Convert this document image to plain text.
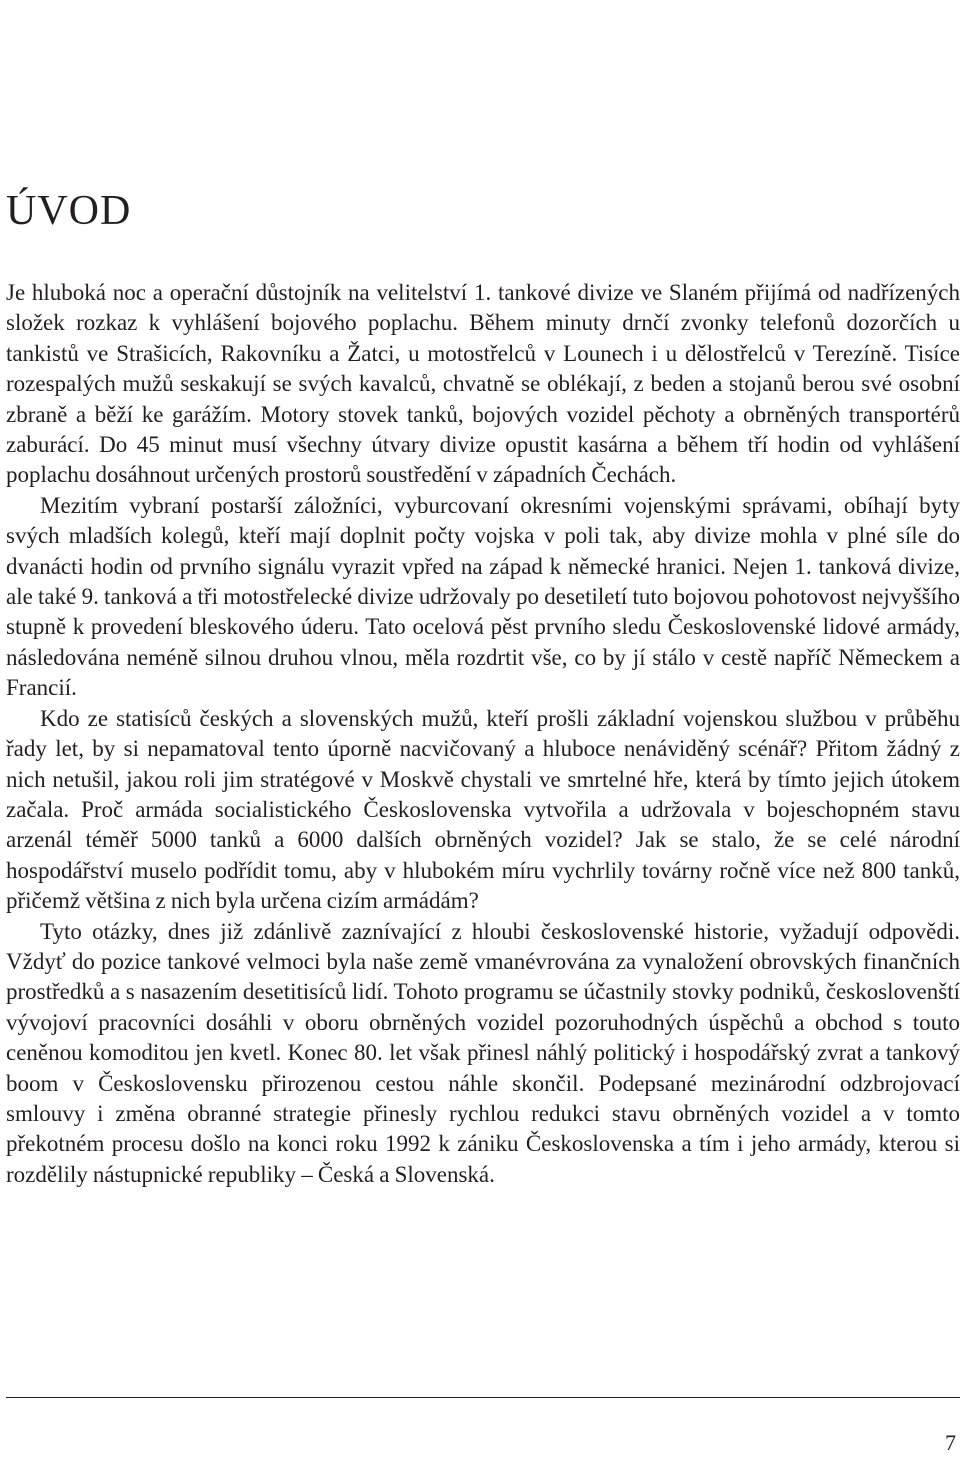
ÚVOD

Je hluboká noc a operační důstojník na velitelství 1. tankové divize ve Slaném přijímá od nadřízených složek rozkaz k vyhlášení bojového poplachu. Během minuty drnčí zvonky telefonů dozorčích u tankistů ve Strašicích, Rakovníku a Žatci, u motostřelců v Lounech i u dělostřelců v Terezíně. Tisíce rozespalých mužů seskakují se svých kavalců, chvatně se oblékají, z beden a stojanů berou své osobní zbraně a běží ke garážím. Motory stovek tanků, bojových vozidel pěchoty a obrněných transportérů zaburácí. Do 45 minut musí všechny útvary divize opustit kasárna a během tří hodin od vyhlášení poplachu dosáhnout určených prostorů soustředění v západních Čechách.

Mezitím vybraní postarší záložníci, vyburcovaní okresními vojenskými správami, obíhají byty svých mladších kolegů, kteří mají doplnit počty vojska v poli tak, aby divize mohla v plné síle do dvanácti hodin od prvního signálu vyrazit vpřed na západ k německé hranici. Nejen 1. tanková divize, ale také 9. tanková a tři motostřelecké divize udržovaly po desetiletí tuto bojovou pohotovost nejvyššího stupně k provedení bleskového úderu. Tato ocelová pěst prvního sledu Československé lidové armády, následována neméně silnou druhou vlnou, měla rozdrtit vše, co by jí stálo v cestě napříč Německem a Francií.

Kdo ze statisíců českých a slovenských mužů, kteří prošli základní vojenskou službou v průběhu řady let, by si nepamatoval tento úporně nacvičovaný a hluboce nenáviděný scénář? Přitom žádný z nich netušil, jakou roli jim stratégové v Moskvě chystali ve smrtelné hře, která by tímto jejich útokem začala. Proč armáda socialistického Československa vytvořila a udržovala v bojeschopném stavu arzenál téměř 5000 tanků a 6000 dalších obrněných vozidel? Jak se stalo, že se celé národní hospodářství muselo podřídit tomu, aby v hlubokém míru vychrlily továrny ročně více než 800 tanků, přičemž většina z nich byla určena cizím armádám?

Tyto otázky, dnes již zdánlivě zaznívající z hloubi československé historie, vyžadují odpovědi. Vždyť do pozice tankové velmoci byla naše země vmanévrována za vynaložení obrovských finančních prostředků a s nasazením desetitisíců lidí. Tohoto programu se účastnily stovky podniků, českoslovenští vývojoví pracovníci dosáhli v oboru obrněných vozidel pozoruhodných úspěchů a obchod s touto ceněnou komoditou jen kvetl. Konec 80. let však přinesl náhlý politický i hospodářský zvrat a tankový boom v Československu přirozenou cestou náhle skončil. Podepsané mezinárodní odzbrojovací smlouvy i změna obranné strategie přinesly rychlou redukci stavu obrněných vozidel a v tomto překotném procesu došlo na konci roku 1992 k zániku Československa a tím i jeho armády, kterou si rozdělily nástupnické republiky – Česká a Slovenská.

7
